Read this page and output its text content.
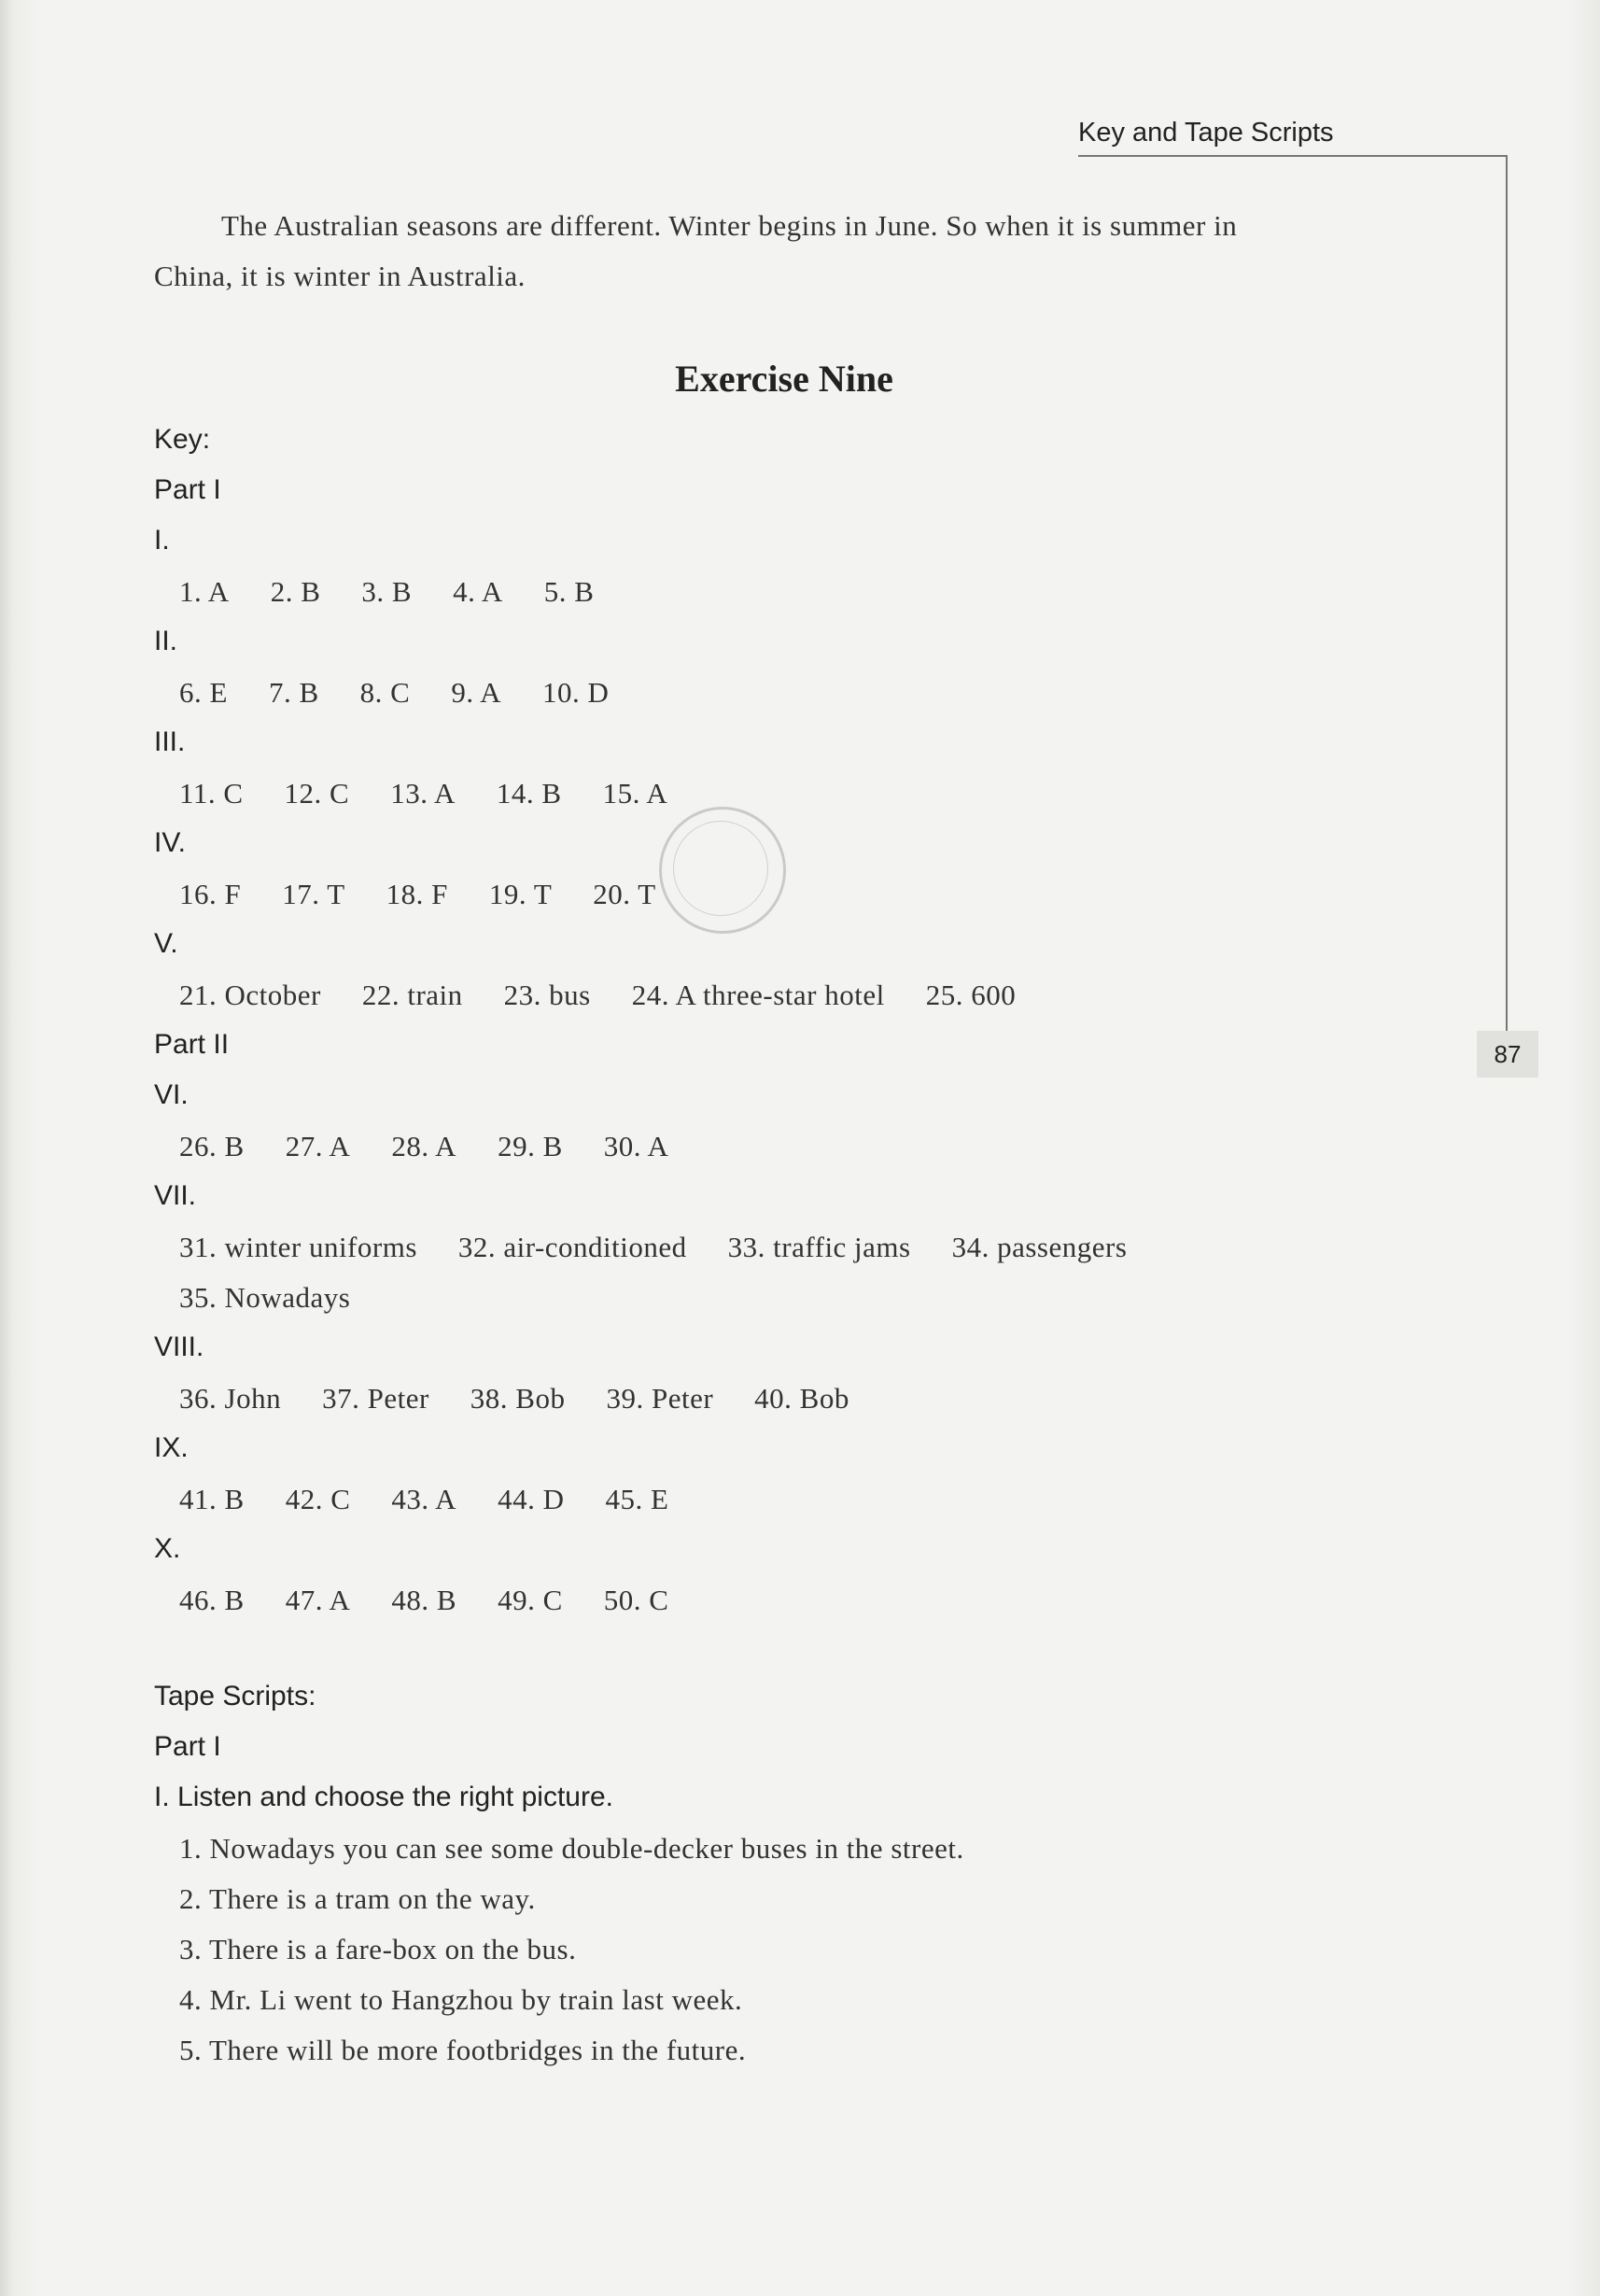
Key and Tape Scripts
87
The Australian seasons are different. Winter begins in June. So when it is summer in
China, it is winter in Australia.
Exercise Nine
Key:
Part I
I.
1. A 2. B 3. B 4. A 5. B
II.
6. E 7. B 8. C 9. A 10. D
III.
11. C 12. C 13. A 14. B 15. A
IV.
16. F 17. T 18. F 19. T 20. T
V.
21. October 22. train 23. bus 24. A three-star hotel 25. 600
Part II
VI.
26. B 27. A 28. A 29. B 30. A
VII.
31. winter uniforms 32. air-conditioned 33. traffic jams 34. passengers
35. Nowadays
VIII.
36. John 37. Peter 38. Bob 39. Peter 40. Bob
IX.
41. B 42. C 43. A 44. D 45. E
X.
46. B 47. A 48. B 49. C 50. C
Tape Scripts:
Part I
I. Listen and choose the right picture.
1. Nowadays you can see some double-decker buses in the street.
2. There is a tram on the way.
3. There is a fare-box on the bus.
4. Mr. Li went to Hangzhou by train last week.
5. There will be more footbridges in the future.
